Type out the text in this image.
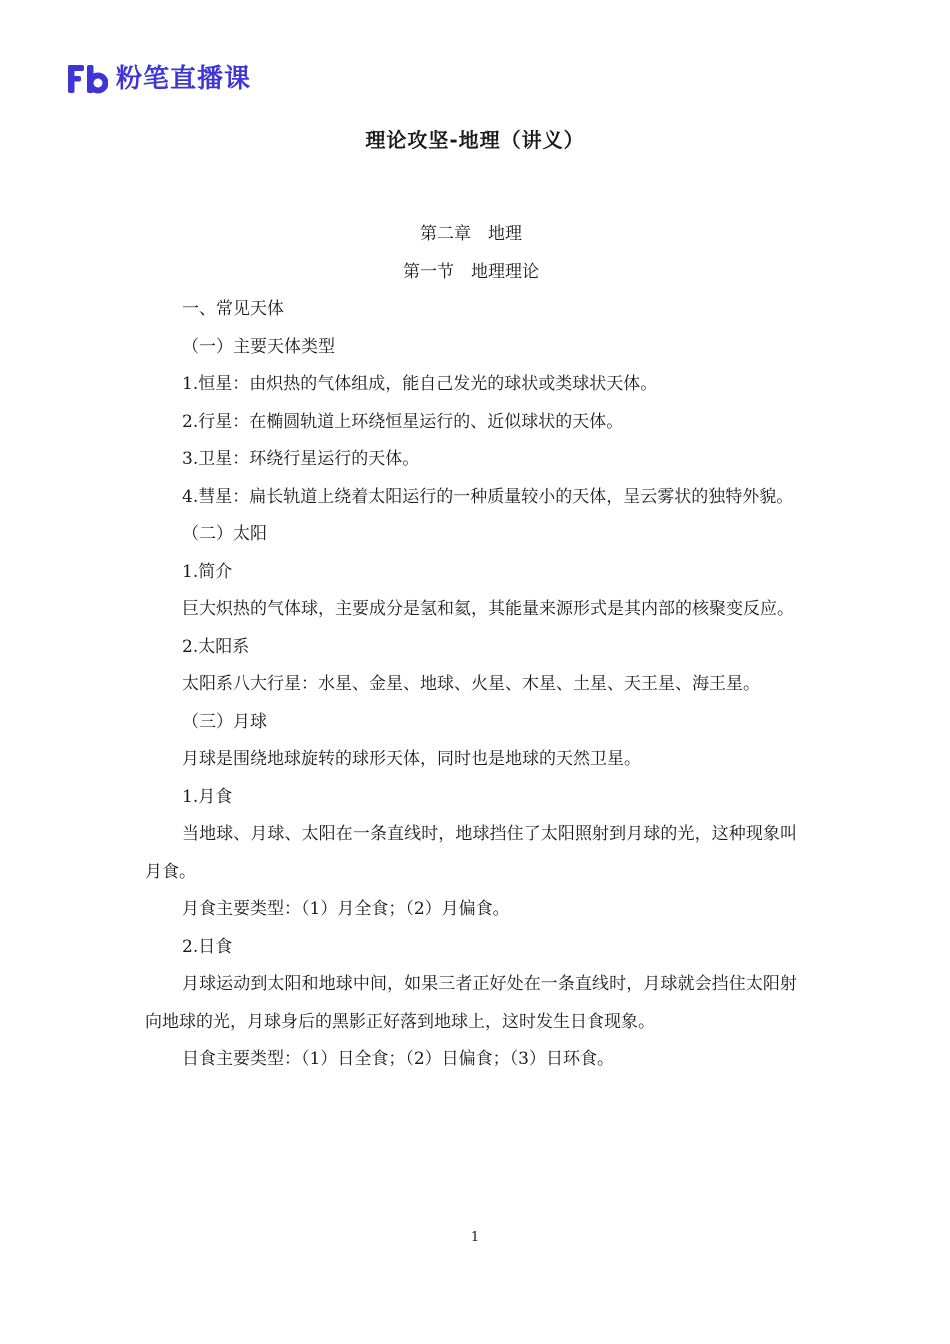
粉笔直播课
理论攻坚-地理（讲义）

第二章　地理

第一节　地理理论

一、常见天体

（一）主要天体类型

1.恒星：由炽热的气体组成，能自己发光的球状或类球状天体。

2.行星：在椭圆轨道上环绕恒星运行的、近似球状的天体。

3.卫星：环绕行星运行的天体。

4.彗星：扁长轨道上绕着太阳运行的一种质量较小的天体，呈云雾状的独特外貌。

（二）太阳

1.简介

巨大炽热的气体球，主要成分是氢和氦，其能量来源形式是其内部的核聚变反应。

2.太阳系

太阳系八大行星：水星、金星、地球、火星、木星、土星、天王星、海王星。

（三）月球

月球是围绕地球旋转的球形天体，同时也是地球的天然卫星。

1.月食

当地球、月球、太阳在一条直线时，地球挡住了太阳照射到月球的光，这种现象叫月食。

月食主要类型：（1）月全食；（2）月偏食。

2.日食

月球运动到太阳和地球中间，如果三者正好处在一条直线时，月球就会挡住太阳射向地球的光，月球身后的黑影正好落到地球上，这时发生日食现象。

日食主要类型：（1）日全食；（2）日偏食；（3）日环食。

1
